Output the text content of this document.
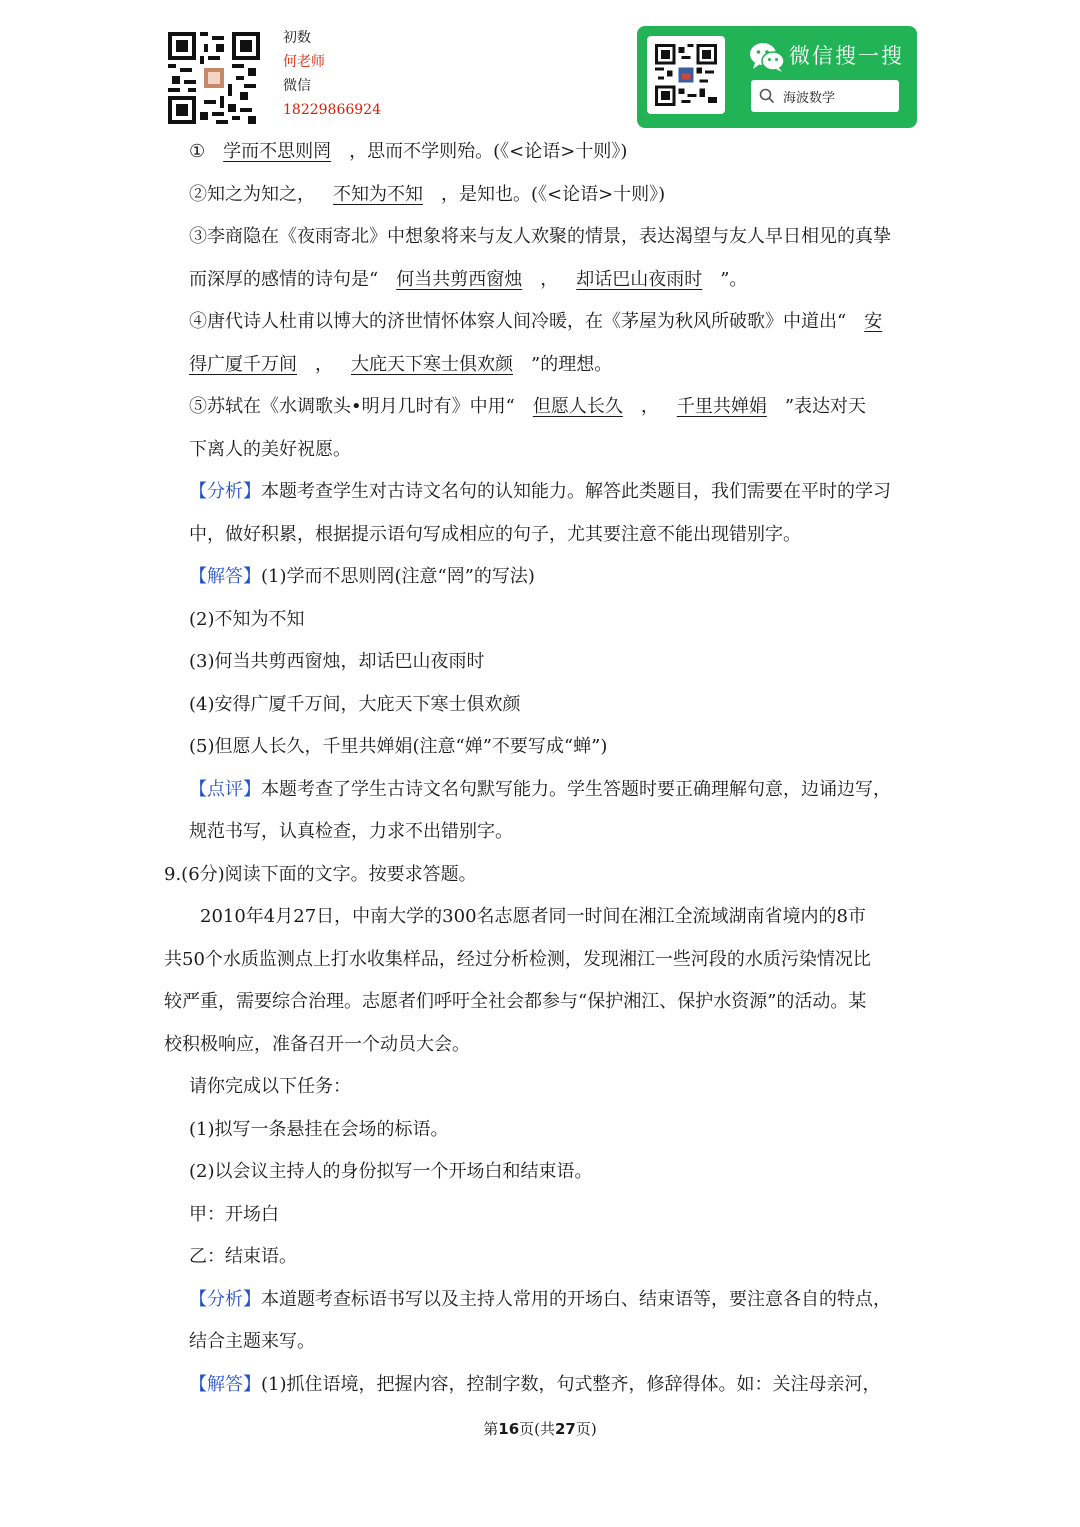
初数
何老师
微信
18229866924
微信搜一搜
海波数学
① 学而不思则罔 ，思而不学则殆。(《<论语>十则》)
②知之为知之， 不知为不知 ，是知也。(《<论语>十则》)
③李商隐在《夜雨寄北》中想象将来与友人欢聚的情景，表达渴望与友人早日相见的真挚
而深厚的感情的诗句是“ 何当共剪西窗烛 ， 却话巴山夜雨时 ”。
④唐代诗人杜甫以博大的济世情怀体察人间冷暖，在《茅屋为秋风所破歌》中道出“ 安
得广厦千万间 ， 大庇天下寒士俱欢颜 ”的理想。
⑤苏轼在《水调歌头•明月几时有》中用“ 但愿人长久 ， 千里共婵娟 ”表达对天
下离人的美好祝愿。
【分析】本题考查学生对古诗文名句的认知能力。解答此类题目，我们需要在平时的学习
中，做好积累，根据提示语句写成相应的句子，尤其要注意不能出现错别字。
【解答】(1)学而不思则罔(注意“罔”的写法)
(2)不知为不知
(3)何当共剪西窗烛，却话巴山夜雨时
(4)安得广厦千万间，大庇天下寒士俱欢颜
(5)但愿人长久，千里共婵娟(注意“婵”不要写成“蝉”)
【点评】本题考查了学生古诗文名句默写能力。学生答题时要正确理解句意，边诵边写，
规范书写，认真检查，力求不出错别字。
9.(6分)阅读下面的文字。按要求答题。
2010年4月27日，中南大学的300名志愿者同一时间在湘江全流域湖南省境内的8市
共50个水质监测点上打水收集样品，经过分析检测，发现湘江一些河段的水质污染情况比
较严重，需要综合治理。志愿者们呼吁全社会都参与“保护湘江、保护水资源”的活动。某
校积极响应，准备召开一个动员大会。
请你完成以下任务：
(1)拟写一条悬挂在会场的标语。
(2)以会议主持人的身份拟写一个开场白和结束语。
甲：开场白
乙：结束语。
【分析】本道题考查标语书写以及主持人常用的开场白、结束语等，要注意各自的特点，
结合主题来写。
【解答】(1)抓住语境，把握内容，控制字数，句式整齐，修辞得体。如：关注母亲河，
第16页(共27页)
